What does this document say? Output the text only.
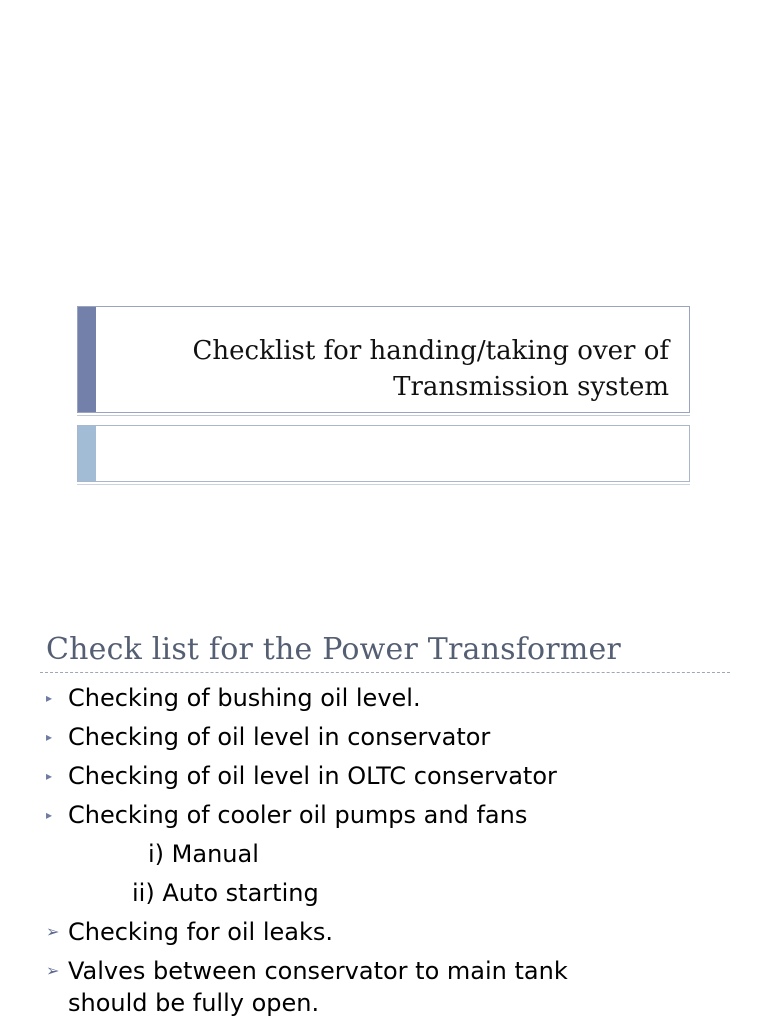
Checklist for handing/taking over of
Transmission system
Check list for the Power Transformer
▸ Checking of bushing oil level.
▸ Checking of oil level in conservator
▸ Checking of oil level in OLTC conservator
▸ Checking of cooler oil pumps and fans
i) Manual
ii) Auto starting
➢ Checking for oil leaks.
➢ Valves between conservator to main tank
should be fully open.
